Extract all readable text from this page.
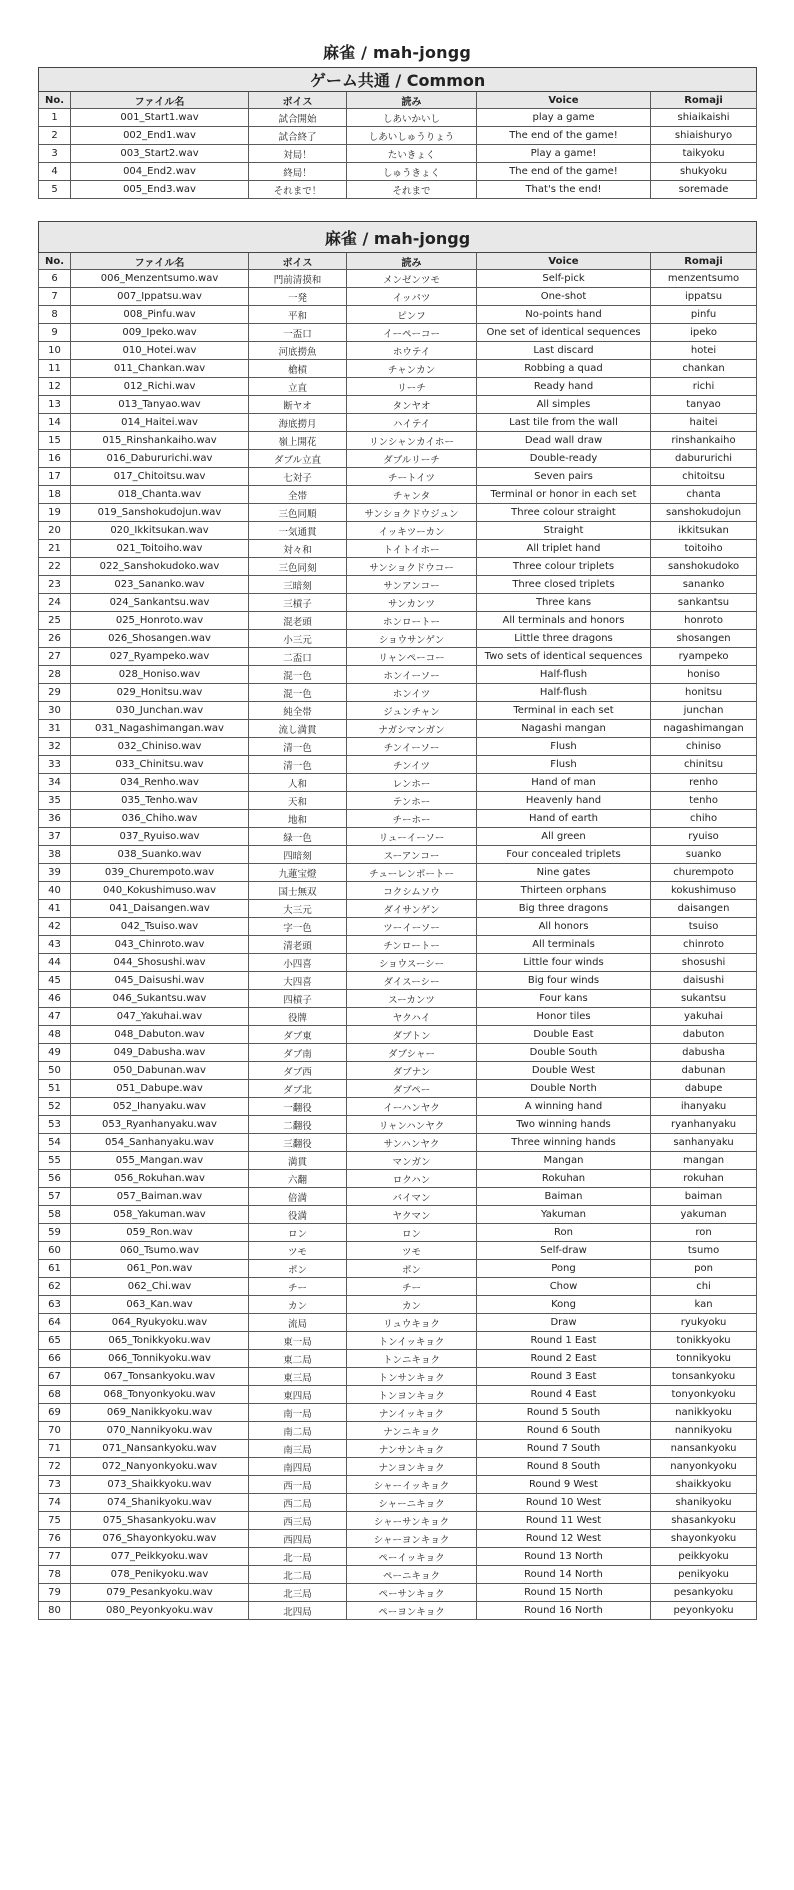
麻雀 / mah-jongg
ゲーム共通 / Common					
No.	ファイル名	ボイス	読み	Voice	Romaji
1	001_Start1.wav	試合開始	しあいかいし	play a game	shiaikaishi
2	002_End1.wav	試合終了	しあいしゅうりょう	The end of the game!	shiaishuryo
3	003_Start2.wav	対局！	たいきょく	Play a game!	taikyoku
4	004_End2.wav	終局！	しゅうきょく	The end of the game!	shukyoku
5	005_End3.wav	それまで！	それまで	That's the end!	soremade
麻雀 / mah-jongg					
No.	ファイル名	ボイス	読み	Voice	Romaji
6	006_Menzentsumo.wav	門前清摸和	メンゼンツモ	Self-pick	menzentsumo
7	007_Ippatsu.wav	一発	イッパツ	One-shot	ippatsu
8	008_Pinfu.wav	平和	ピンフ	No-points hand	pinfu
9	009_Ipeko.wav	一盃口	イーペーコー	One set of identical sequences	ipeko
10	010_Hotei.wav	河底撈魚	ホウテイ	Last discard	hotei
11	011_Chankan.wav	槍槓	チャンカン	Robbing a quad	chankan
12	012_Richi.wav	立直	リーチ	Ready hand	richi
13	013_Tanyao.wav	断ヤオ	タンヤオ	All simples	tanyao
14	014_Haitei.wav	海底撈月	ハイテイ	Last tile from the wall	haitei
15	015_Rinshankaiho.wav	嶺上開花	リンシャンカイホー	Dead wall draw	rinshankaiho
16	016_Dabururichi.wav	ダブル立直	ダブルリーチ	Double-ready	dabururichi
17	017_Chitoitsu.wav	七対子	チートイツ	Seven pairs	chitoitsu
18	018_Chanta.wav	全帯	チャンタ	Terminal or honor in each set	chanta
19	019_Sanshokudojun.wav	三色同順	サンショクドウジュン	Three colour straight	sanshokudojun
20	020_Ikkitsukan.wav	一気通貫	イッキツーカン	Straight	ikkitsukan
21	021_Toitoiho.wav	対々和	トイトイホー	All triplet hand	toitoiho
22	022_Sanshokudoko.wav	三色同刻	サンショクドウコー	Three colour triplets	sanshokudoko
23	023_Sananko.wav	三暗刻	サンアンコー	Three closed triplets	sananko
24	024_Sankantsu.wav	三槓子	サンカンツ	Three kans	sankantsu
25	025_Honroto.wav	混老頭	ホンロートー	All terminals and honors	honroto
26	026_Shosangen.wav	小三元	ショウサンゲン	Little three dragons	shosangen
27	027_Ryampeko.wav	二盃口	リャンペーコー	Two sets of identical sequences	ryampeko
28	028_Honiso.wav	混一色	ホンイーソー	Half-flush	honiso
29	029_Honitsu.wav	混一色	ホンイツ	Half-flush	honitsu
30	030_Junchan.wav	純全帯	ジュンチャン	Terminal in each set	junchan
31	031_Nagashimangan.wav	流し満貫	ナガシマンガン	Nagashi mangan	nagashimangan
32	032_Chiniso.wav	清一色	チンイーソー	Flush	chiniso
33	033_Chinitsu.wav	清一色	チンイツ	Flush	chinitsu
34	034_Renho.wav	人和	レンホー	Hand of man	renho
35	035_Tenho.wav	天和	テンホー	Heavenly hand	tenho
36	036_Chiho.wav	地和	チーホー	Hand of earth	chiho
37	037_Ryuiso.wav	緑一色	リューイーソー	All green	ryuiso
38	038_Suanko.wav	四暗刻	スーアンコー	Four concealed triplets	suanko
39	039_Churempoto.wav	九蓮宝燈	チューレンポートー	Nine gates	churempoto
40	040_Kokushimuso.wav	国士無双	コクシムソウ	Thirteen orphans	kokushimuso
41	041_Daisangen.wav	大三元	ダイサンゲン	Big three dragons	daisangen
42	042_Tsuiso.wav	字一色	ツーイーソー	All honors	tsuiso
43	043_Chinroto.wav	清老頭	チンロートー	All terminals	chinroto
44	044_Shosushi.wav	小四喜	ショウスーシー	Little four winds	shosushi
45	045_Daisushi.wav	大四喜	ダイスーシー	Big four winds	daisushi
46	046_Sukantsu.wav	四槓子	スーカンツ	Four kans	sukantsu
47	047_Yakuhai.wav	役牌	ヤクハイ	Honor tiles	yakuhai
48	048_Dabuton.wav	ダブ東	ダブトン	Double East	dabuton
49	049_Dabusha.wav	ダブ南	ダブシャー	Double South	dabusha
50	050_Dabunan.wav	ダブ西	ダブナン	Double West	dabunan
51	051_Dabupe.wav	ダブ北	ダブペー	Double North	dabupe
52	052_Ihanyaku.wav	一翻役	イーハンヤク	A winning hand	ihanyaku
53	053_Ryanhanyaku.wav	二翻役	リャンハンヤク	Two winning hands	ryanhanyaku
54	054_Sanhanyaku.wav	三翻役	サンハンヤク	Three winning hands	sanhanyaku
55	055_Mangan.wav	満貫	マンガン	Mangan	mangan
56	056_Rokuhan.wav	六翻	ロクハン	Rokuhan	rokuhan
57	057_Baiman.wav	倍満	バイマン	Baiman	baiman
58	058_Yakuman.wav	役満	ヤクマン	Yakuman	yakuman
59	059_Ron.wav	ロン	ロン	Ron	ron
60	060_Tsumo.wav	ツモ	ツモ	Self-draw	tsumo
61	061_Pon.wav	ポン	ポン	Pong	pon
62	062_Chi.wav	チー	チー	Chow	chi
63	063_Kan.wav	カン	カン	Kong	kan
64	064_Ryukyoku.wav	流局	リュウキョク	Draw	ryukyoku
65	065_Tonikkyoku.wav	東一局	トンイッキョク	Round 1 East	tonikkyoku
66	066_Tonnikyoku.wav	東二局	トンニキョク	Round 2 East	tonnikyoku
67	067_Tonsankyoku.wav	東三局	トンサンキョク	Round 3 East	tonsankyoku
68	068_Tonyonkyoku.wav	東四局	トンヨンキョク	Round 4 East	tonyonkyoku
69	069_Nanikkyoku.wav	南一局	ナンイッキョク	Round 5 South	nanikkyoku
70	070_Nannikyoku.wav	南二局	ナンニキョク	Round 6 South	nannikyoku
71	071_Nansankyoku.wav	南三局	ナンサンキョク	Round 7 South	nansankyoku
72	072_Nanyonkyoku.wav	南四局	ナンヨンキョク	Round 8 South	nanyonkyoku
73	073_Shaikkyoku.wav	西一局	シャーイッキョク	Round 9 West	shaikkyoku
74	074_Shanikyoku.wav	西二局	シャーニキョク	Round 10 West	shanikyoku
75	075_Shasankyoku.wav	西三局	シャーサンキョク	Round 11 West	shasankyoku
76	076_Shayonkyoku.wav	西四局	シャーヨンキョク	Round 12 West	shayonkyoku
77	077_Peikkyoku.wav	北一局	ペーイッキョク	Round 13 North	peikkyoku
78	078_Penikyoku.wav	北二局	ペーニキョク	Round 14 North	penikyoku
79	079_Pesankyoku.wav	北三局	ペーサンキョク	Round 15 North	pesankyoku
80	080_Peyonkyoku.wav	北四局	ペーヨンキョク	Round 16 North	peyonkyoku
